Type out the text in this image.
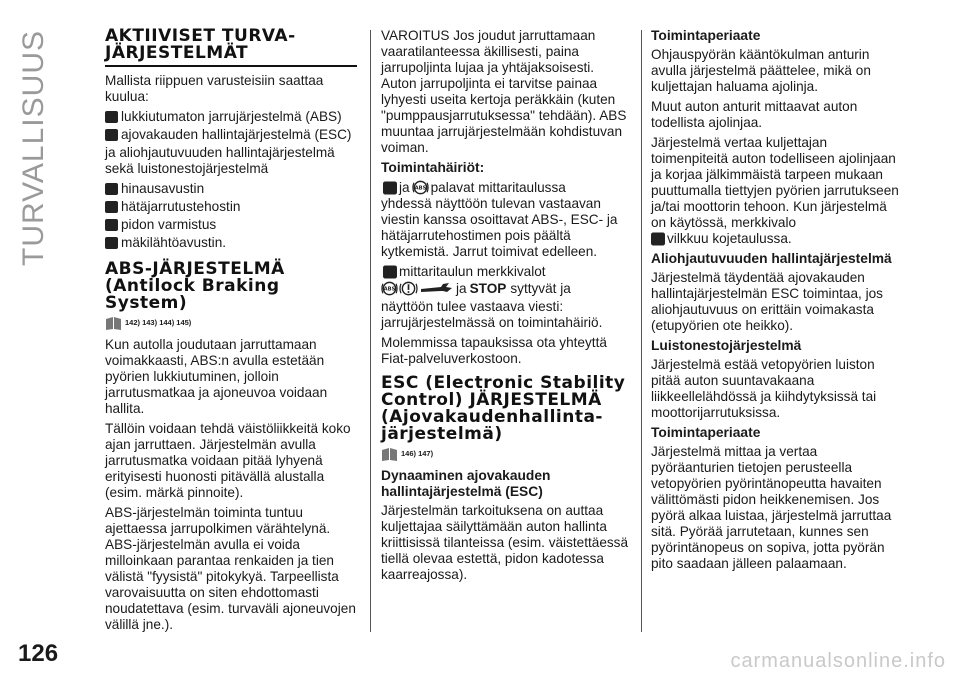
TURVALLISUUS
126	carmanualsonline.info
AKTIIVISET TURVA-
JÄRJESTELMÄT

Mallista riippuen varusteisiin saattaa kuulua:

lukkiutumaton jarrujärjestelmä (ABS)
ajovakauden hallintajärjestelmä (ESC)

ja aliohjautuvuuden hallintajärjestelmä sekä luistonestojärjestelmä

hinausavustin
hätäjarrutustehostin
pidon varmistus
mäkilähtöavustin.
ABS-JÄRJESTELMÄ
(Antilock Braking
System)
142) 143) 144) 145)

Kun autolla joudutaan jarruttamaan voimakkaasti, ABS:n avulla estetään pyörien lukkiutuminen, jolloin jarrutusmatkaa ja ajoneuvoa voidaan hallita.

Tällöin voidaan tehdä väistöliikkeitä koko ajan jarruttaen. Järjestelmän avulla jarrutusmatka voidaan pitää lyhyenä erityisesti huonosti pitävällä alustalla (esim. märkä pinnoite).

ABS-järjestelmän toiminta tuntuu ajettaessa jarrupolkimen värähtelynä. ABS-järjestelmän avulla ei voida milloinkaan parantaa renkaiden ja tien välistä "fyysistä" pitokykyä. Tarpeellista varovaisuutta on siten ehdottomasti noudatettava (esim. turvaväli ajoneuvojen välillä jne.).

VAROITUS Jos joudut jarruttamaan vaaratilanteessa äkillisesti, paina jarrupoljinta lujaa ja yhtäjaksoisesti. Auton jarrupoljinta ei tarvitse painaa lyhyesti useita kertoja peräkkäin (kuten "pumppausjarrutuksessa" tehdään). ABS muuntaa jarrujärjestelmään kohdistuvan voiman.

Toimintahäiriöt:
ja ABS palavat mittaritaulussa

yhdessä näyttöön tulevan vastaavan viestin kanssa osoittavat ABS-, ESC- ja hätäjarrutehostimen pois päältä kytkemistä. Jarrut toimivat edelleen.

mittaritaulun merkkivalot
ABS	ja STOP syttyvät ja

näyttöön tulee vastaava viesti: jarrujärjestelmässä on toimintahäiriö.

Molemmissa tapauksissa ota yhteyttä Fiat-palveluverkostoon.

ESC (Electronic Stability
Control) JÄRJESTELMÄ
(Ajovakaudenhallinta-
järjestelmä)
146) 147)
Dynaaminen ajovakauden hallintajärjestelmä (ESC)

Järjestelmän tarkoituksena on auttaa kuljettajaa säilyttämään auton hallinta kriittisissä tilanteissa (esim. väistettäessä tiellä olevaa estettä, pidon kadotessa kaarreajossa).

Toimintaperiaate

Ohjauspyörän kääntökulman anturin avulla järjestelmä päättelee, mikä on kuljettajan haluama ajolinja.

Muut auton anturit mittaavat auton todellista ajolinjaa.

Järjestelmä vertaa kuljettajan toimenpiteitä auton todelliseen ajolinjaan ja korjaa jälkimmäistä tarpeen mukaan puuttumalla tiettyjen pyörien jarrutukseen ja/tai moottorin tehoon. Kun järjestelmä on käytössä, merkkivalo

vilkkuu kojetaulussa.
Aliohjautuvuuden hallintajärjestelmä

Järjestelmä täydentää ajovakauden hallintajärjestelmän ESC toimintaa, jos aliohjautuvuus on erittäin voimakasta (etupyörien ote heikko).

Luistonestojärjestelmä

Järjestelmä estää vetopyörien luiston pitää auton suuntavakaana liikkeellelähdössä ja kiihdytyksissä tai moottorijarrutuksissa.

Toimintaperiaate

Järjestelmä mittaa ja vertaa pyöräanturien tietojen perusteella vetopyörien pyörintänopeutta havaiten välittömästi pidon heikkenemisen. Jos pyörä alkaa luistaa, järjestelmä jarruttaa sitä. Pyörää jarrutetaan, kunnes sen pyörintänopeus on sopiva, jotta pyörän pito saadaan jälleen palaamaan.
